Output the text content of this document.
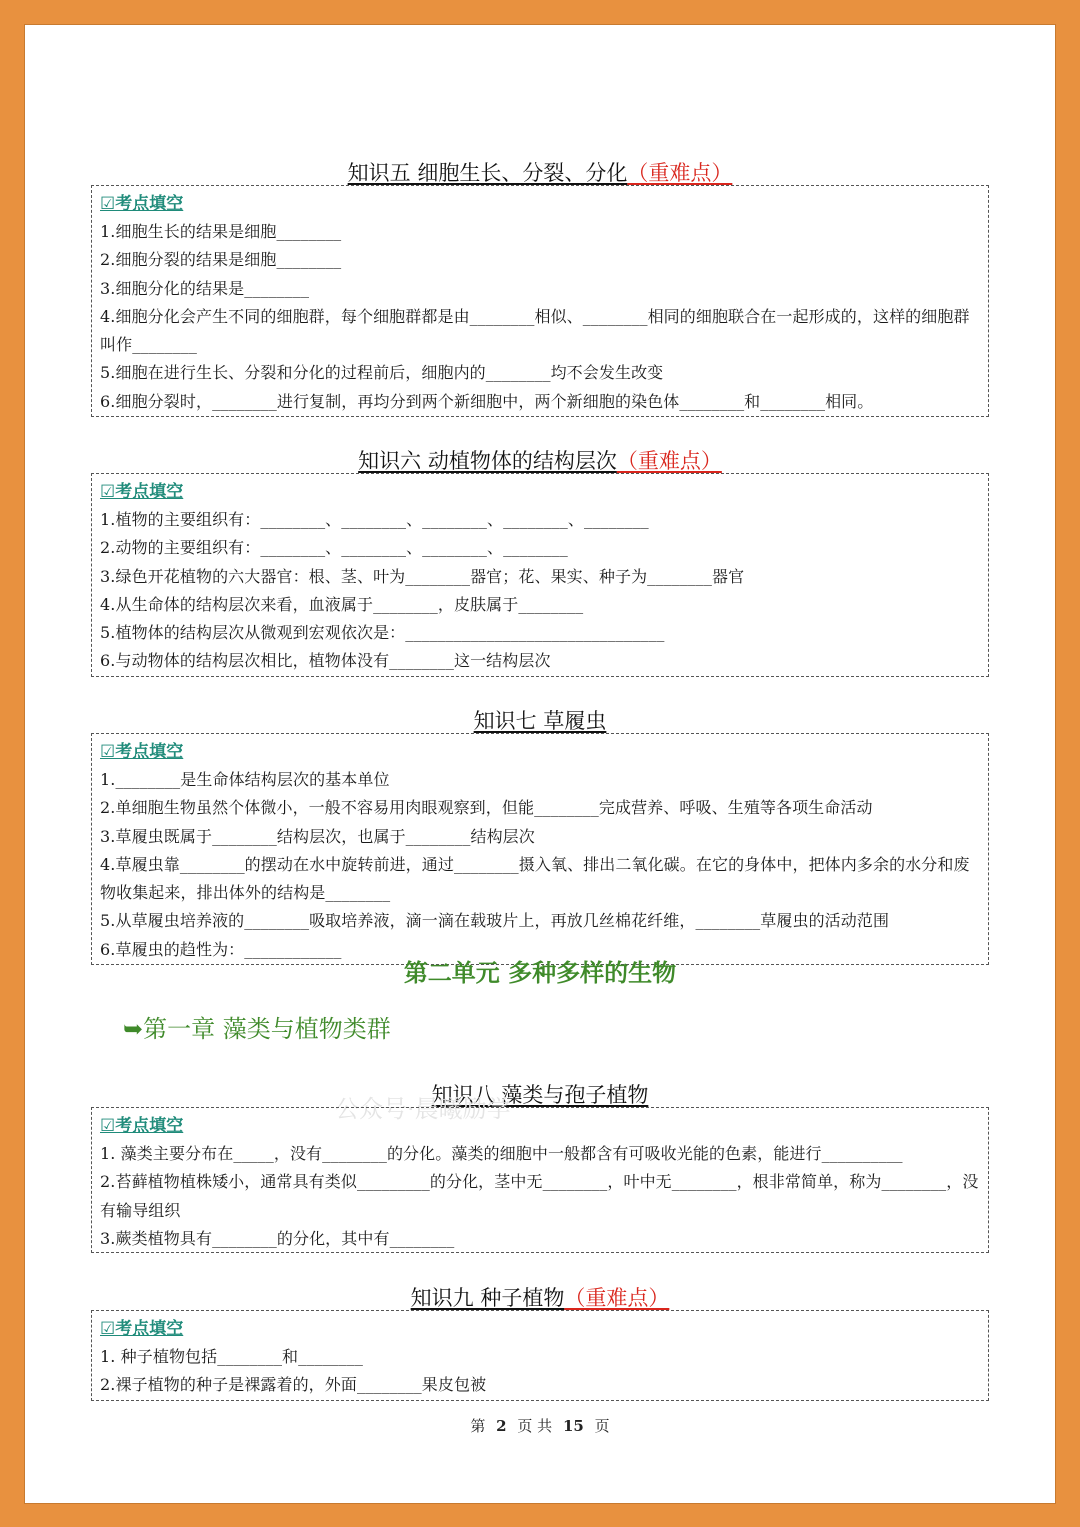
知识五 细胞生长、分裂、分化（重难点）
☑考点填空
1.细胞生长的结果是细胞________
2.细胞分裂的结果是细胞________
3.细胞分化的结果是________
4.细胞分化会产生不同的细胞群，每个细胞群都是由________相似、________相同的细胞联合在一起形成的，这样的细胞群叫作________
5.细胞在进行生长、分裂和分化的过程前后，细胞内的________均不会发生改变
6.细胞分裂时，________进行复制，再均分到两个新细胞中，两个新细胞的染色体________和________相同。
知识六 动植物体的结构层次（重难点）
☑考点填空
1.植物的主要组织有：________、________、________、________、________
2.动物的主要组织有：________、________、________、________
3.绿色开花植物的六大器官：根、茎、叶为________器官；花、果实、种子为________器官
4.从生命体的结构层次来看，血液属于________，皮肤属于________
5.植物体的结构层次从微观到宏观依次是：________________________________
6.与动物体的结构层次相比，植物体没有________这一结构层次
知识七 草履虫
☑考点填空
1.________是生命体结构层次的基本单位
2.单细胞生物虽然个体微小，一般不容易用肉眼观察到，但能________完成营养、呼吸、生殖等各项生命活动
3.草履虫既属于________结构层次，也属于________结构层次
4.草履虫靠________的摆动在水中旋转前进，通过________摄入氧、排出二氧化碳。在它的身体中，把体内多余的水分和废物收集起来，排出体外的结构是________
5.从草履虫培养液的________吸取培养液，滴一滴在载玻片上，再放几丝棉花纤维，________草履虫的活动范围
6.草履虫的趋性为：____________
第二单元 多种多样的生物
➥第一章 藻类与植物类群
知识八 藻类与孢子植物
公众号·晨曦励学
☑考点填空
1. 藻类主要分布在_____，没有________的分化。藻类的细胞中一般都含有可吸收光能的色素，能进行__________
2.苔藓植物植株矮小，通常具有类似_________的分化，茎中无________，叶中无________，根非常简单，称为________，没有输导组织
3.蕨类植物具有________的分化，其中有________
知识九 种子植物（重难点）
☑考点填空
1. 种子植物包括________和________
2.裸子植物的种子是裸露着的，外面________果皮包被
第 2 页 共 15 页
